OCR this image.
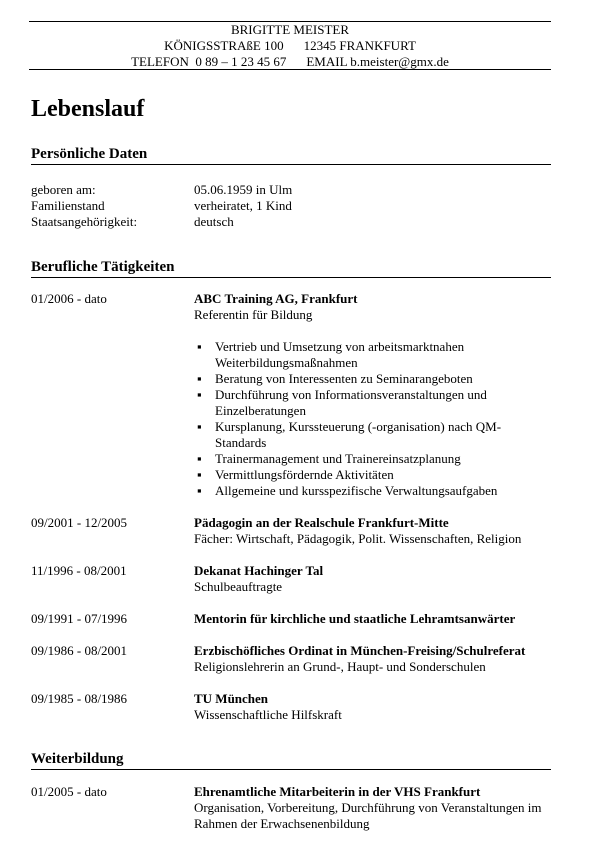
BRIGITTE MEISTER
KÖNIGSSTRAßE 100 12345 FRANKFURT
TELEFON  0 89 – 1 23 45 67 EMAIL b.meister@gmx.de
Lebenslauf
Persönliche Daten
geboren am:	05.06.1959 in Ulm
Familienstand	verheiratet, 1 Kind
Staatsangehörigkeit:	deutsch
Berufliche Tätigkeiten
01/2006 - dato	ABC Training AG, Frankfurt
Referentin für Bildung
▪ Vertrieb und Umsetzung von arbeitsmarktnahen Weiterbildungsmaßnahmen
▪ Beratung von Interessenten zu Seminarangeboten
▪ Durchführung von Informationsveranstaltungen und Einzelberatungen
▪ Kursplanung, Kurssteuerung (-organisation) nach QM-Standards
▪ Trainermanagement und Trainereinsatzplanung
▪ Vermittlungsfördernde Aktivitäten
▪ Allgemeine und kursspezifische Verwaltungsaufgaben
09/2001 - 12/2005	Pädagogin an der Realschule Frankfurt-Mitte
Fächer: Wirtschaft, Pädagogik, Polit. Wissenschaften, Religion
11/1996 - 08/2001	Dekanat Hachinger Tal
Schulbeauftragte
09/1991 - 07/1996	Mentorin für kirchliche und staatliche Lehramtsanwärter
09/1986 - 08/2001	Erzbischöfliches Ordinat in München-Freising/Schulreferat
Religionslehrerin an Grund-, Haupt- und Sonderschulen
09/1985 - 08/1986	TU München
Wissenschaftliche Hilfskraft
Weiterbildung
01/2005 - dato	Ehrenamtliche Mitarbeiterin in der VHS Frankfurt
Organisation, Vorbereitung, Durchführung von Veranstaltungen im Rahmen der Erwachsenenbildung
